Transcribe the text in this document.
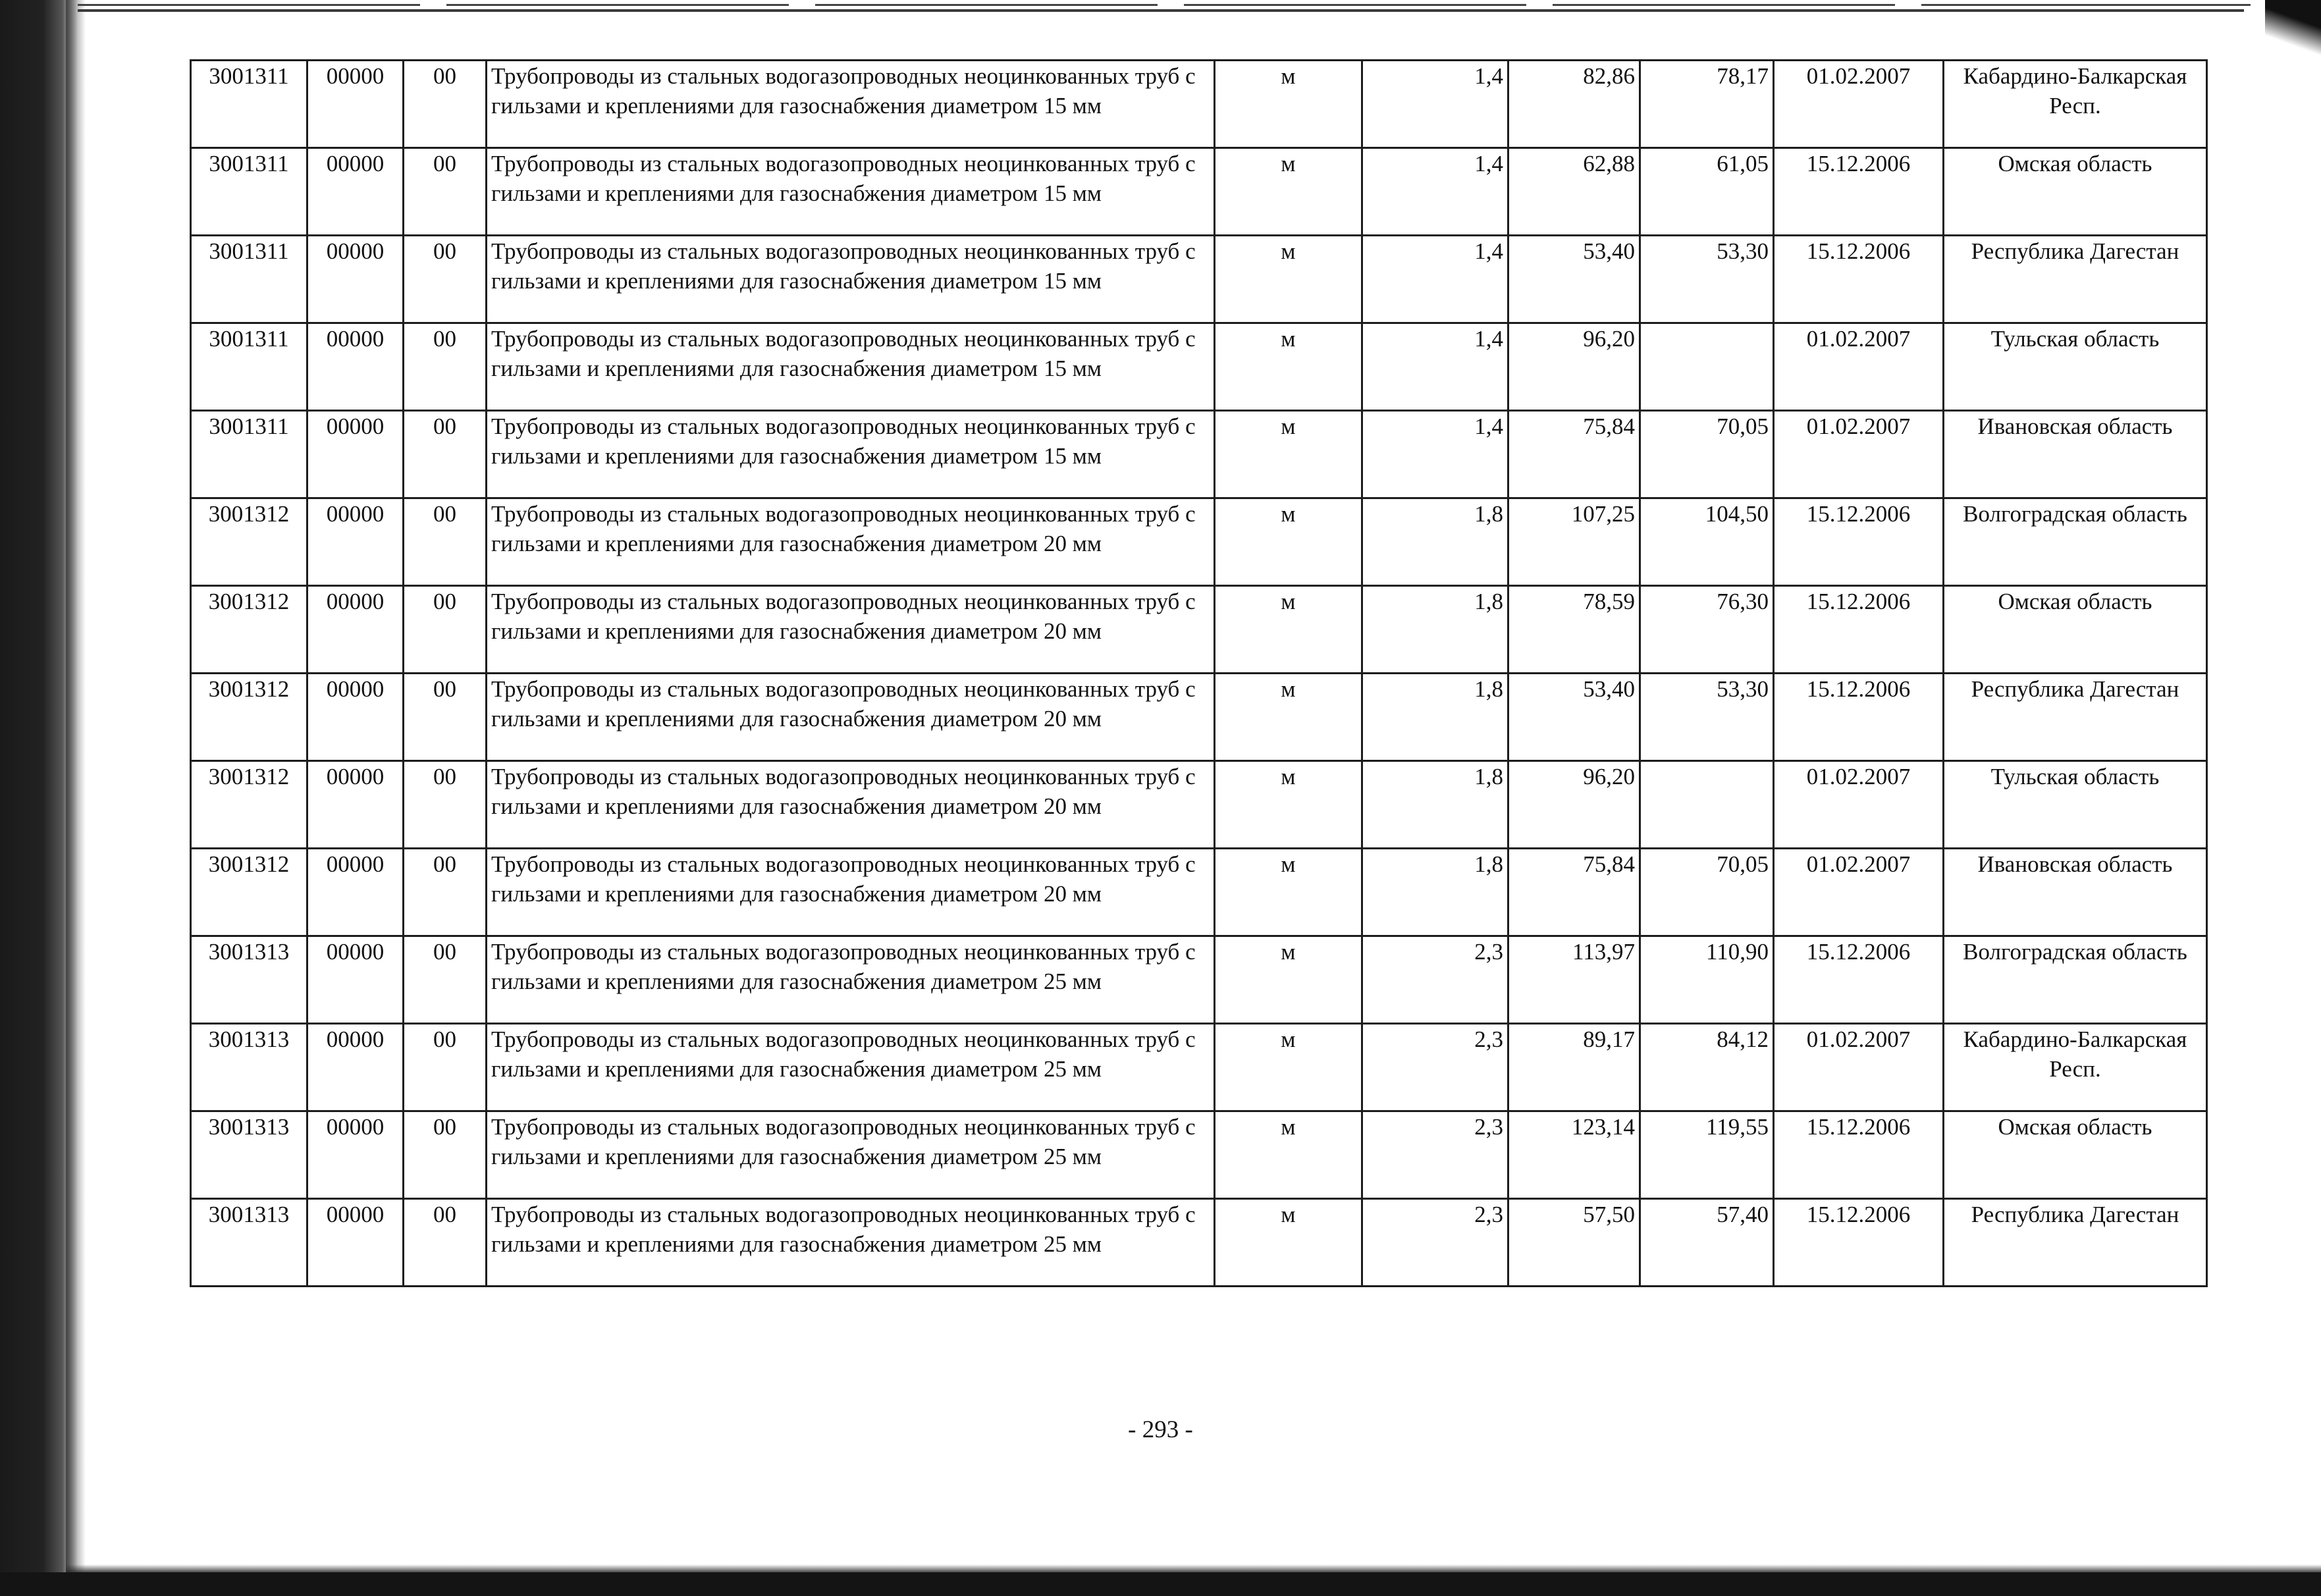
3001311	00000	00	Трубопроводы из стальных водогазопроводных неоцинкованных труб с гильзами и креплениями для газоснабжения диаметром 15 мм	м	1,4	82,86	78,17	01.02.2007	Кабардино-Балкарская Респ.
3001311	00000	00	Трубопроводы из стальных водогазопроводных неоцинкованных труб с гильзами и креплениями для газоснабжения диаметром 15 мм	м	1,4	62,88	61,05	15.12.2006	Омская область
3001311	00000	00	Трубопроводы из стальных водогазопроводных неоцинкованных труб с гильзами и креплениями для газоснабжения диаметром 15 мм	м	1,4	53,40	53,30	15.12.2006	Республика Дагестан
3001311	00000	00	Трубопроводы из стальных водогазопроводных неоцинкованных труб с гильзами и креплениями для газоснабжения диаметром 15 мм	м	1,4	96,20		01.02.2007	Тульская область
3001311	00000	00	Трубопроводы из стальных водогазопроводных неоцинкованных труб с гильзами и креплениями для газоснабжения диаметром 15 мм	м	1,4	75,84	70,05	01.02.2007	Ивановская область
3001312	00000	00	Трубопроводы из стальных водогазопроводных неоцинкованных труб с гильзами и креплениями для газоснабжения диаметром 20 мм	м	1,8	107,25	104,50	15.12.2006	Волгоградская область
3001312	00000	00	Трубопроводы из стальных водогазопроводных неоцинкованных труб с гильзами и креплениями для газоснабжения диаметром 20 мм	м	1,8	78,59	76,30	15.12.2006	Омская область
3001312	00000	00	Трубопроводы из стальных водогазопроводных неоцинкованных труб с гильзами и креплениями для газоснабжения диаметром 20 мм	м	1,8	53,40	53,30	15.12.2006	Республика Дагестан
3001312	00000	00	Трубопроводы из стальных водогазопроводных неоцинкованных труб с гильзами и креплениями для газоснабжения диаметром 20 мм	м	1,8	96,20		01.02.2007	Тульская область
3001312	00000	00	Трубопроводы из стальных водогазопроводных неоцинкованных труб с гильзами и креплениями для газоснабжения диаметром 20 мм	м	1,8	75,84	70,05	01.02.2007	Ивановская область
3001313	00000	00	Трубопроводы из стальных водогазопроводных неоцинкованных труб с гильзами и креплениями для газоснабжения диаметром 25 мм	м	2,3	113,97	110,90	15.12.2006	Волгоградская область
3001313	00000	00	Трубопроводы из стальных водогазопроводных неоцинкованных труб с гильзами и креплениями для газоснабжения диаметром 25 мм	м	2,3	89,17	84,12	01.02.2007	Кабардино-Балкарская Респ.
3001313	00000	00	Трубопроводы из стальных водогазопроводных неоцинкованных труб с гильзами и креплениями для газоснабжения диаметром 25 мм	м	2,3	123,14	119,55	15.12.2006	Омская область
3001313	00000	00	Трубопроводы из стальных водогазопроводных неоцинкованных труб с гильзами и креплениями для газоснабжения диаметром 25 мм	м	2,3	57,50	57,40	15.12.2006	Республика Дагестан
- 293 -
